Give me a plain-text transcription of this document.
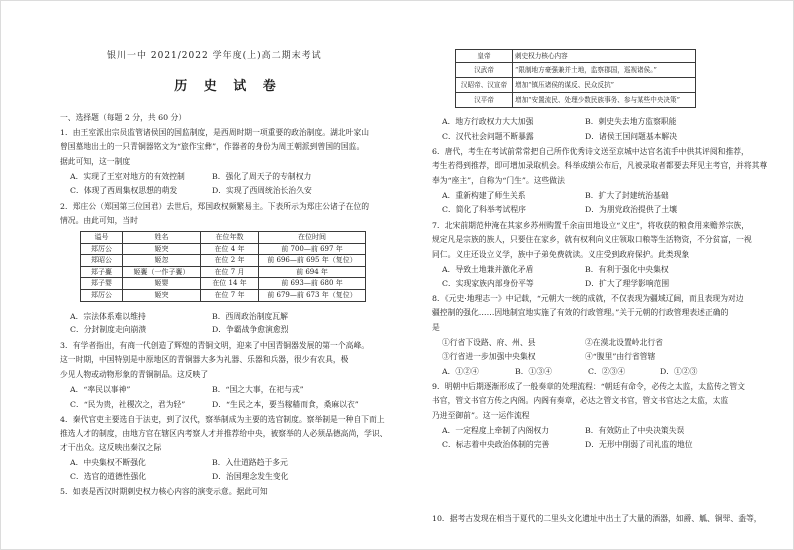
银川一中 2021/2022 学年度(上)高二期末考试
历 史 试 卷
一、选择题（每题 2 分，共 60 分）
1．由王室派出宗员监管诸侯国的国监制度，是西周时期一项重要的政治制度。湖北叶家山
曾国墓地出土的一只青铜器铭文为“旅作宝彝”，作器者的身份为周王朝派到曾国的国监。
据此可知，这一制度
A．实现了王室对地方的有效控制	B．强化了周天子的专制权力
C．体现了西周集权思想的萌发	D．实现了西周统治长治久安
2．郑庄公（郑国第三位国君）去世后，郑国政权频繁易主。下表所示为郑庄公诸子在位的
情况。由此可知，当时
谥号	姓名	在位年数	在位时间
郑厉公	姬突	在位 4 年	前 700—前 697 年
郑昭公	姬忽	在位 2 年	前 696—前 695 年（复位）
郑子亹	姬亹（一作子亹）	在位 7 月	前 694 年
郑子婴	姬婴	在位 14 年	前 693—前 680 年
郑厉公	姬突	在位 7 年	前 679—前 673 年（复位）
A．宗法体系难以维持	B．西周政治制度瓦解
C．分封制度走向崩溃	D．争霸战争愈演愈烈
3．有学者指出，有商一代创造了辉煌的青铜文明，迎来了中国青铜器发展的第一个高峰。
这一时期，中国特别是中原地区的青铜器大多为礼器、乐器和兵器，很少有农具，极
少见人物或动物形象的青铜制品。这反映了
A．“率民以事神”	B．“国之大事，在祀与戎”
C．“民为贵，社稷次之，君为轻”	D．“生民之本，要当稼穑而食，桑麻以衣”
4．秦代官吏主要选自于法吏，到了汉代，察举制成为主要的选官制度。察举制是一种自下而上
推选人才的制度，由地方官在辖区内考察人才并推荐给中央，被察举的人必须品德高尚，学识、
才干出众。这反映出秦汉之际
A．中央集权不断强化	B．入仕道路趋于多元
C．选官的道德性强化	D．治国理念发生变化
5．如表是西汉时期刺史权力核心内容的演变示意。据此可知
皇帝	刺史权力核心内容
汉武帝	“限制地方豪强兼并土地，监察郡国，巡视诸侯。”
汉昭帝、汉宣帝	增加“镇压诸侯的谋反、民众反抗”
汉平帝	增加“安置流民、处理少数民族事务、参与某些中央决策”
A．地方行政权力大大加强	B．刺史失去地方监察职能
C．汉代社会问题不断暴露	D．诸侯王国问题基本解决
6．唐代，考生在考试前常常把自己所作优秀诗文送至京城中达官名流手中供其评阅和推荐，
考生若得到推荐，即可增加录取机会。科举成绩公布后，凡被录取者都要去拜见主考官，并将其尊
奉为“座主”，自称为“门生”。这些做法
A．重新构建了师生关系	B．扩大了封建统治基础
C．简化了科举考试程序	D．为朋党政治提供了土壤
7．北宋前期范仲淹在其家乡苏州购置千余亩田地设立“义庄”，将收获的粮食用来赡养宗族，
规定凡是宗族的族人，只要住在家乡，就有权利向义庄领取口粮等生活物资，不分贫富，一视
同仁。义庄还设立义学，族中子弟免费就读。义庄受到政府保护。此类现象
A．导致土地兼并激化矛盾	B．有利于强化中央集权
C．实现家族内部身份平等	D．扩大了理学影响范围
8．《元史·地理志一》中记载，“元朝大一统的成就，不仅表现为疆域辽阔，而且表现为对边
疆控制的强化……因地制宜地实施了有效的行政管理。”关于元朝的行政管理表述正确的
是
①行省下设路、府、州、县	②在漠北设置岭北行省
③行省进一步加强中央集权	④“腹里”由行省管辖
A．①②④	B．①③④	C．②③④	D．①②③
9．明朝中后期逐渐形成了一般奏章的处理流程：“朝廷有命令，必传之太监，太监传之管文
书官，管文书官方传之内阁。内阁有奏章，必达之管文书官，管文书官达之太监，太监
乃进至御前”。这一运作流程
A．一定程度上牵制了内阁权力	B．有效防止了中央决策失误
C．标志着中央政治体制的完善	D．无形中削弱了司礼监的地位
10．据考古发现在相当于夏代的二里头文化遗址中出土了大量的酒器，如爵、觚、铜斝、盉等，
